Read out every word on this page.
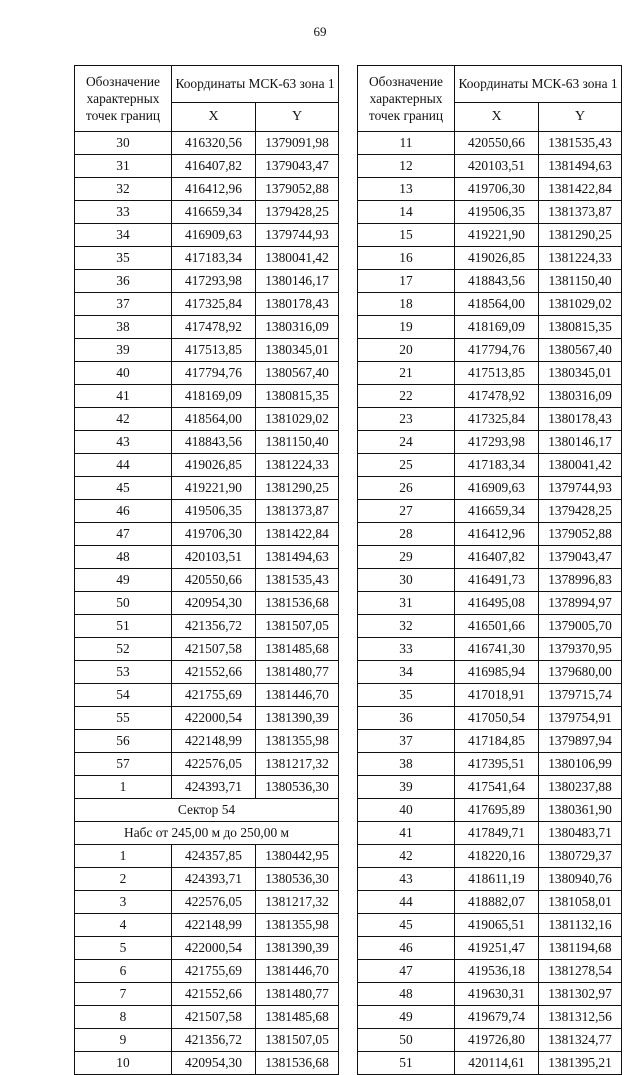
69
Обозначение характерных точек границ	Координаты МСК-63 зона 1	
	X	Y
30	416320,56	1379091,98
31	416407,82	1379043,47
32	416412,96	1379052,88
33	416659,34	1379428,25
34	416909,63	1379744,93
35	417183,34	1380041,42
36	417293,98	1380146,17
37	417325,84	1380178,43
38	417478,92	1380316,09
39	417513,85	1380345,01
40	417794,76	1380567,40
41	418169,09	1380815,35
42	418564,00	1381029,02
43	418843,56	1381150,40
44	419026,85	1381224,33
45	419221,90	1381290,25
46	419506,35	1381373,87
47	419706,30	1381422,84
48	420103,51	1381494,63
49	420550,66	1381535,43
50	420954,30	1381536,68
51	421356,72	1381507,05
52	421507,58	1381485,68
53	421552,66	1381480,77
54	421755,69	1381446,70
55	422000,54	1381390,39
56	422148,99	1381355,98
57	422576,05	1381217,32
1	424393,71	1380536,30
Сектор 54		
Набс от 245,00 м до 250,00 м		
1	424357,85	1380442,95
2	424393,71	1380536,30
3	422576,05	1381217,32
4	422148,99	1381355,98
5	422000,54	1381390,39
6	421755,69	1381446,70
7	421552,66	1381480,77
8	421507,58	1381485,68
9	421356,72	1381507,05
10	420954,30	1381536,68
Обозначение характерных точек границ	Координаты МСК-63 зона 1	
	X	Y
11	420550,66	1381535,43
12	420103,51	1381494,63
13	419706,30	1381422,84
14	419506,35	1381373,87
15	419221,90	1381290,25
16	419026,85	1381224,33
17	418843,56	1381150,40
18	418564,00	1381029,02
19	418169,09	1380815,35
20	417794,76	1380567,40
21	417513,85	1380345,01
22	417478,92	1380316,09
23	417325,84	1380178,43
24	417293,98	1380146,17
25	417183,34	1380041,42
26	416909,63	1379744,93
27	416659,34	1379428,25
28	416412,96	1379052,88
29	416407,82	1379043,47
30	416491,73	1378996,83
31	416495,08	1378994,97
32	416501,66	1379005,70
33	416741,30	1379370,95
34	416985,94	1379680,00
35	417018,91	1379715,74
36	417050,54	1379754,91
37	417184,85	1379897,94
38	417395,51	1380106,99
39	417541,64	1380237,88
40	417695,89	1380361,90
41	417849,71	1380483,71
42	418220,16	1380729,37
43	418611,19	1380940,76
44	418882,07	1381058,01
45	419065,51	1381132,16
46	419251,47	1381194,68
47	419536,18	1381278,54
48	419630,31	1381302,97
49	419679,74	1381312,56
50	419726,80	1381324,77
51	420114,61	1381395,21
